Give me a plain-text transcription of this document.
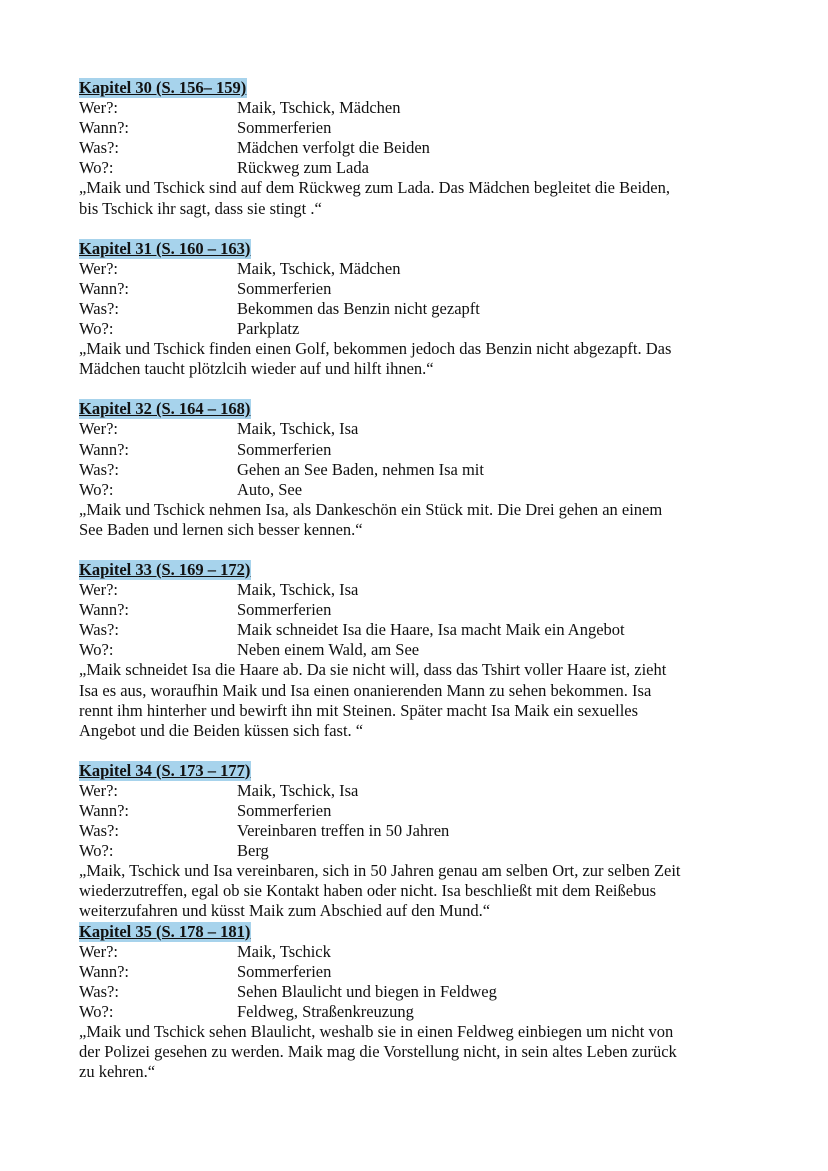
Kapitel 30 (S. 156– 159)
Wer?:	Maik, Tschick, Mädchen
Wann?:	Sommerferien
Was?:	Mädchen verfolgt die Beiden
Wo?:	Rückweg zum Lada
„Maik und Tschick sind auf dem Rückweg zum Lada. Das Mädchen begleitet die Beiden,
bis Tschick ihr sagt, dass sie stingt .“
Kapitel 31 (S. 160 – 163)
Wer?:	Maik, Tschick, Mädchen
Wann?:	Sommerferien
Was?:	Bekommen das Benzin nicht gezapft
Wo?:	Parkplatz
„Maik und Tschick finden einen Golf, bekommen jedoch das Benzin nicht abgezapft. Das
Mädchen taucht plötzlcih wieder auf und hilft ihnen.“
Kapitel 32 (S. 164 – 168)
Wer?:	Maik, Tschick, Isa
Wann?:	Sommerferien
Was?:	Gehen an See Baden, nehmen Isa mit
Wo?:	Auto, See
„Maik und Tschick nehmen Isa, als Dankeschön ein Stück mit. Die Drei gehen an einem
See Baden und lernen sich besser kennen.“
Kapitel 33 (S. 169 – 172)
Wer?:	Maik, Tschick, Isa
Wann?:	Sommerferien
Was?:	Maik schneidet Isa die Haare, Isa macht Maik ein Angebot
Wo?:	Neben einem Wald, am See
„Maik schneidet Isa die Haare ab. Da sie nicht will, dass das Tshirt voller Haare ist, zieht
Isa es aus, woraufhin Maik und Isa einen onanierenden Mann zu sehen bekommen. Isa
rennt ihm hinterher und bewirft ihn mit Steinen. Später macht Isa Maik ein sexuelles
Angebot und die Beiden küssen sich fast. “
Kapitel 34 (S. 173 – 177)
Wer?:	Maik, Tschick, Isa
Wann?:	Sommerferien
Was?:	Vereinbaren treffen in 50 Jahren
Wo?:	Berg
„Maik, Tschick und Isa vereinbaren, sich in 50 Jahren genau am selben Ort, zur selben Zeit
wiederzutreffen, egal ob sie Kontakt haben oder nicht. Isa beschließt mit dem Reißebus
weiterzufahren und küsst Maik zum Abschied auf den Mund.“
Kapitel 35 (S. 178 – 181)
Wer?:	Maik, Tschick
Wann?:	Sommerferien
Was?:	Sehen Blaulicht und biegen in Feldweg
Wo?:	Feldweg, Straßenkreuzung
„Maik und Tschick sehen Blaulicht, weshalb sie in einen Feldweg einbiegen um nicht von
der Polizei gesehen zu werden. Maik mag die Vorstellung nicht, in sein altes Leben zurück
zu kehren.“
